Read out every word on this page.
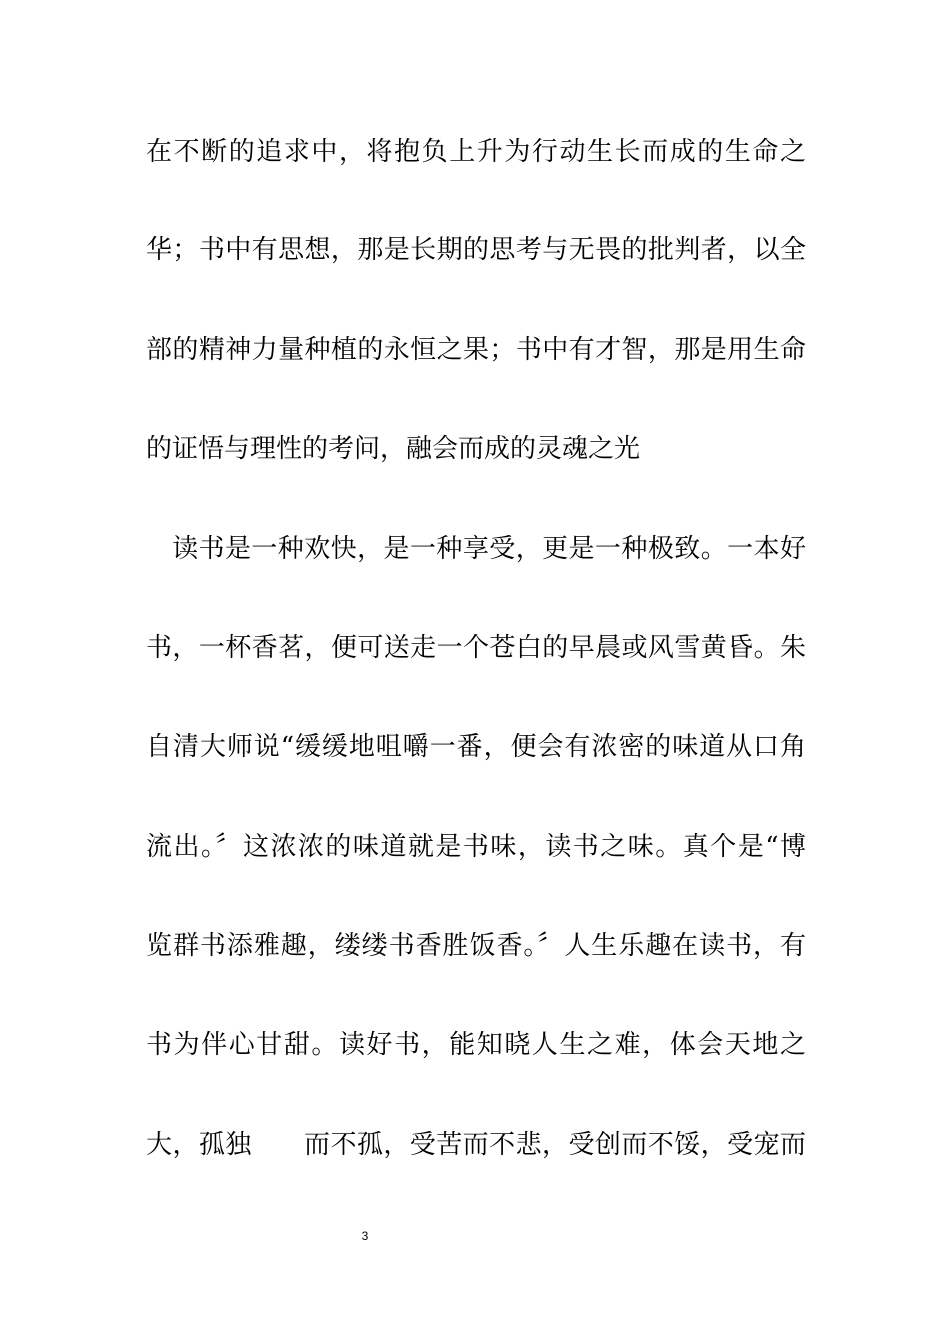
在不断的追求中，将抱负上升为行动生长而成的生命之
华；书中有思想，那是长期的思考与无畏的批判者，以全
部的精神力量种植的永恒之果；书中有才智，那是用生命
的证悟与理性的考问，融会而成的灵魂之光
读书是一种欢快，是一种享受，更是一种极致。一本好
书，一杯香茗，便可送走一个苍白的早晨或风雪黄昏。朱
自清大师说“缓缓地咀嚼一番，便会有浓密的味道从口角
流出。〞这浓浓的味道就是书味，读书之味。真个是“博
览群书添雅趣，缕缕书香胜饭香。〞人生乐趣在读书，有
书为伴心甘甜。读好书，能知晓人生之难，体会天地之
大，孤独      而不孤，受苦而不悲，受创而不馁，受宠而
3
